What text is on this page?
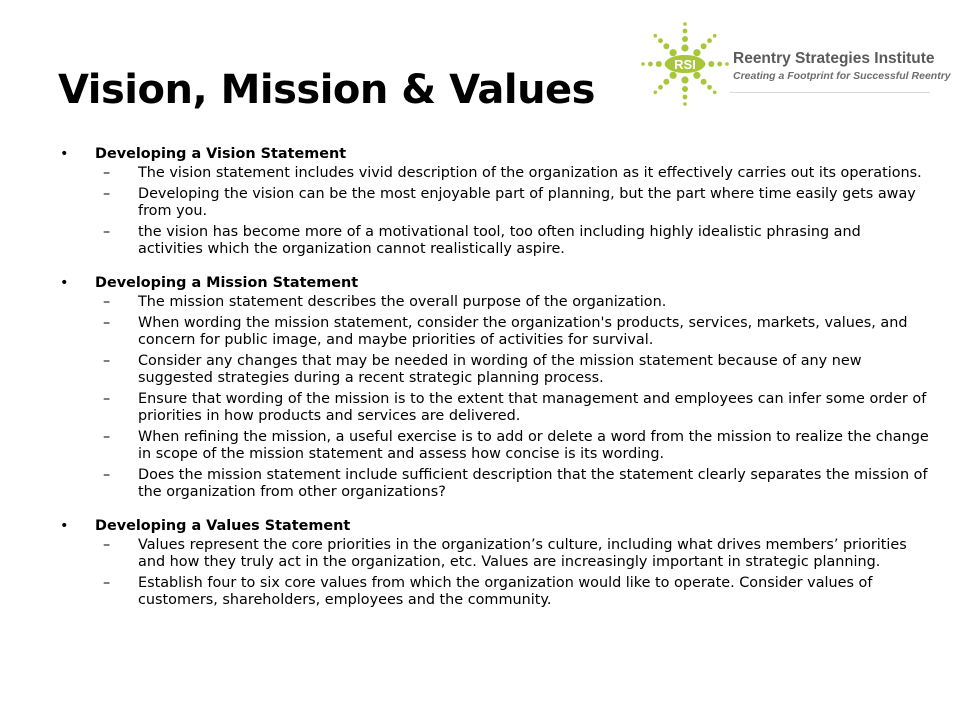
Vision, Mission & Values
RSI Reentry Strategies Institute
Creating a Footprint for Successful Reentry
• Developing a Vision Statement
– The vision statement includes vivid description of the organization as it effectively carries out its operations.
– Developing the vision can be the most enjoyable part of planning, but the part where time easily gets away from you.
– the vision has become more of a motivational tool, too often including highly idealistic phrasing and activities which the organization cannot realistically aspire.
• Developing a Mission Statement
– The mission statement describes the overall purpose of the organization.
– When wording the mission statement, consider the organization's products, services, markets, values, and concern for public image, and maybe priorities of activities for survival.
– Consider any changes that may be needed in wording of the mission statement because of any new suggested strategies during a recent strategic planning process.
– Ensure that wording of the mission is to the extent that management and employees can infer some order of priorities in how products and services are delivered.
– When refining the mission, a useful exercise is to add or delete a word from the mission to realize the change in scope of the mission statement and assess how concise is its wording.
– Does the mission statement include sufficient description that the statement clearly separates the mission of the organization from other organizations?
• Developing a Values Statement
– Values represent the core priorities in the organization’s culture, including what drives members’ priorities and how they truly act in the organization, etc. Values are increasingly important in strategic planning.
– Establish four to six core values from which the organization would like to operate. Consider values of customers, shareholders, employees and the community.
